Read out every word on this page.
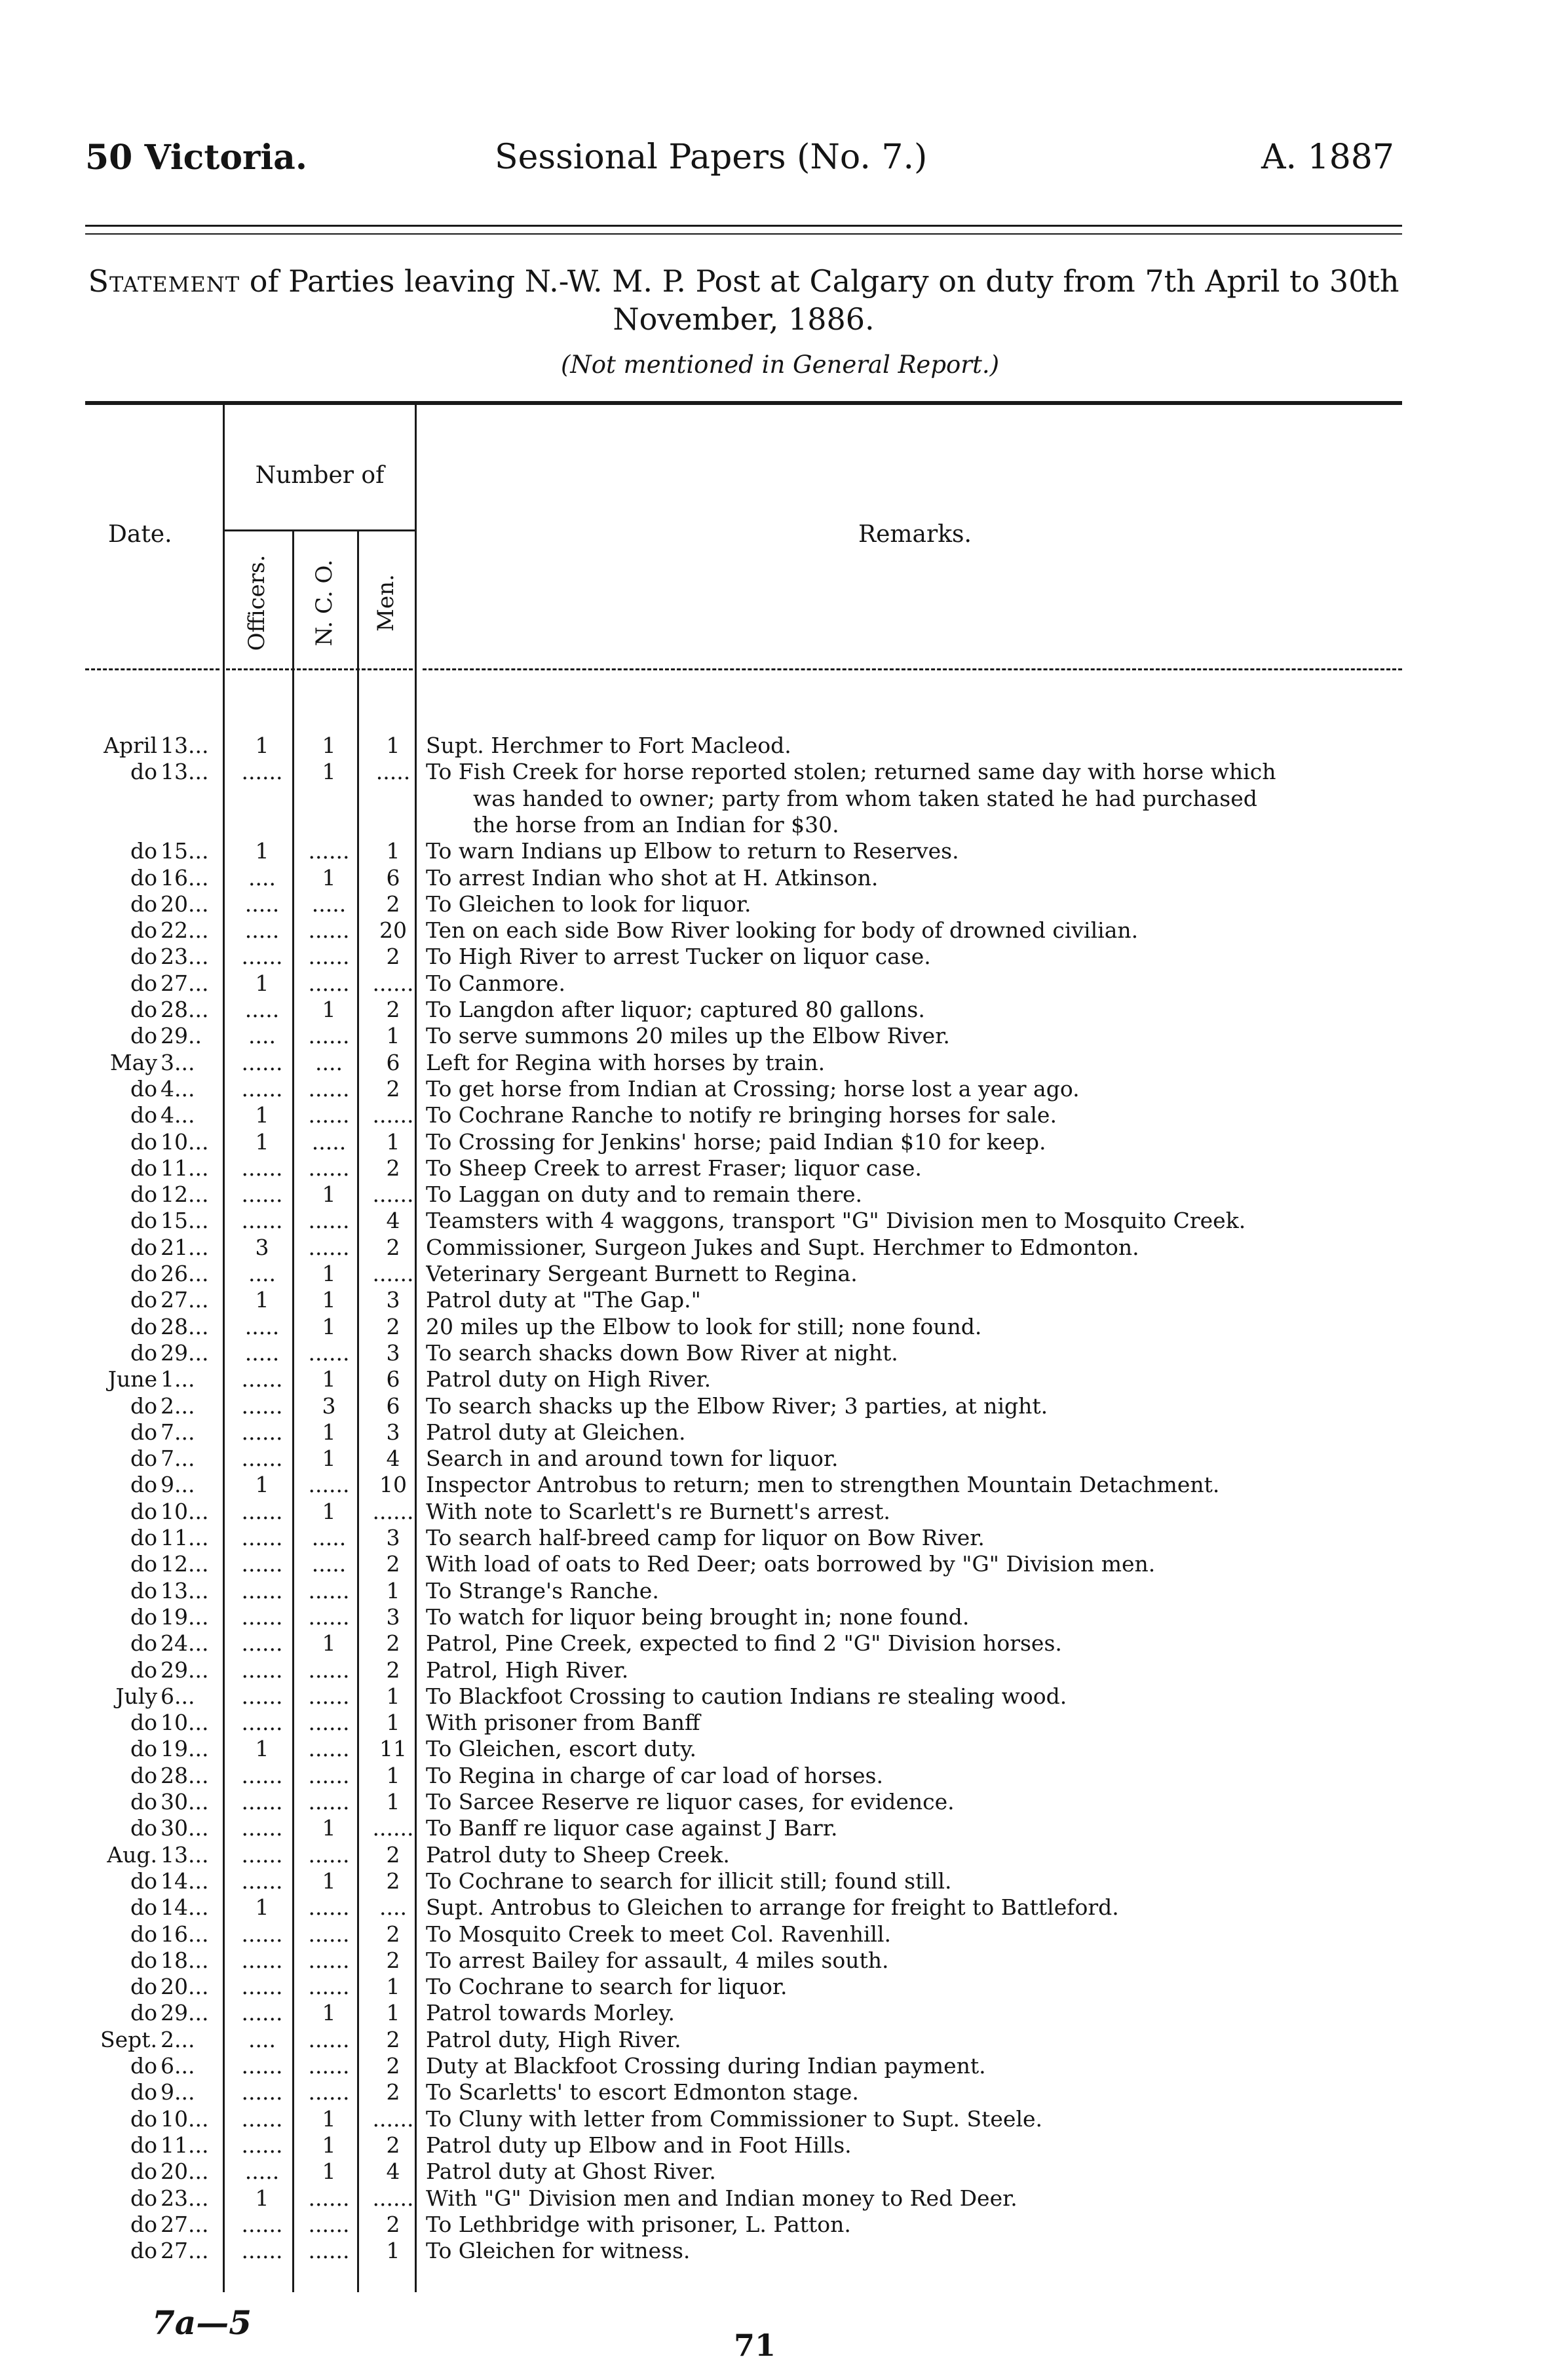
50 Victoria.	Sessional Papers (No. 7.)	A. 1887
Statement of Parties leaving N.-W. M. P. Post at Calgary on duty from 7th April to 30th November, 1886.
(Not mentioned in General Report.)
Number of
Date.	Remarks.
Officers. N. C. O. Men.
April 13...	1	1	1	Supt. Herchmer to Fort Macleod.
do 13...	......	1	..... To Fish Creek for horse reported stolen; returned same day with horse which
was handed to owner; party from whom taken stated he had purchased
the horse from an Indian for $30.
do 15...	1	......	1	To warn Indians up Elbow to return to Reserves.
do 16...	....	1	6	To arrest Indian who shot at H. Atkinson.
do 20...	.....	.....	2	To Gleichen to look for liquor.
do 22...	.....	......	20 Ten on each side Bow River looking for body of drowned civilian.
do 23...	......	......	2	To High River to arrest Tucker on liquor case.
do 27...	1	......	...... To Canmore.
do 28...	.....	1	2	To Langdon after liquor; captured 80 gallons.
do 29..	....	......	1	To serve summons 20 miles up the Elbow River.
May 3...	......	....	6	Left for Regina with horses by train.
do 4...	......	......	2	To get horse from Indian at Crossing; horse lost a year ago.
do 4...	1	......	...... To Cochrane Ranche to notify re bringing horses for sale.
do 10...	1	.....	1	To Crossing for Jenkins' horse; paid Indian $10 for keep.
do 11...	......	......	2	To Sheep Creek to arrest Fraser; liquor case.
do 12...	......	1	...... To Laggan on duty and to remain there.
do 15...	......	......	4	Teamsters with 4 waggons, transport "G" Division men to Mosquito Creek.
do 21...	3	......	2	Commissioner, Surgeon Jukes and Supt. Herchmer to Edmonton.
do 26...	....	1	...... Veterinary Sergeant Burnett to Regina.
do 27...	1	1	3	Patrol duty at "The Gap."
do 28...	.....	1	2	20 miles up the Elbow to look for still; none found.
do 29...	.....	......	3	To search shacks down Bow River at night.
June 1...	......	1	6	Patrol duty on High River.
do 2...	......	3	6	To search shacks up the Elbow River; 3 parties, at night.
do 7...	......	1	3	Patrol duty at Gleichen.
do 7...	......	1	4	Search in and around town for liquor.
do 9...	1	......	10 Inspector Antrobus to return; men to strengthen Mountain Detachment.
do 10...	......	1	...... With note to Scarlett's re Burnett's arrest.
do 11...	......	.....	3	To search half-breed camp for liquor on Bow River.
do 12...	......	.....	2	With load of oats to Red Deer; oats borrowed by "G" Division men.
do 13...	......	......	1	To Strange's Ranche.
do 19...	......	......	3	To watch for liquor being brought in; none found.
do 24...	......	1	2	Patrol, Pine Creek, expected to find 2 "G" Division horses.
do 29...	......	......	2	Patrol, High River.
July 6...	......	......	1	To Blackfoot Crossing to caution Indians re stealing wood.
do 10...	......	......	1	With prisoner from Banff
do 19...	1	......	11 To Gleichen, escort duty.
do 28...	......	......	1	To Regina in charge of car load of horses.
do 30...	......	......	1	To Sarcee Reserve re liquor cases, for evidence.
do 30...	......	1	...... To Banff re liquor case against J Barr.
Aug. 13...	......	......	2	Patrol duty to Sheep Creek.
do 14...	......	1	2	To Cochrane to search for illicit still; found still.
do 14...	1	......	.... Supt. Antrobus to Gleichen to arrange for freight to Battleford.
do 16...	......	......	2	To Mosquito Creek to meet Col. Ravenhill.
do 18...	......	......	2	To arrest Bailey for assault, 4 miles south.
do 20...	......	......	1	To Cochrane to search for liquor.
do 29...	......	1	1	Patrol towards Morley.
Sept. 2...	....	......	2	Patrol duty, High River.
do 6...	......	......	2	Duty at Blackfoot Crossing during Indian payment.
do 9...	......	......	2	To Scarletts' to escort Edmonton stage.
do 10...	......	1	...... To Cluny with letter from Commissioner to Supt. Steele.
do 11...	......	1	2	Patrol duty up Elbow and in Foot Hills.
do 20...	.....	1	4	Patrol duty at Ghost River.
do 23...	1	......	...... With "G" Division men and Indian money to Red Deer.
do 27...	......	......	2	To Lethbridge with prisoner, L. Patton.
do 27...	......	......	1	To Gleichen for witness.
7a—5
71
